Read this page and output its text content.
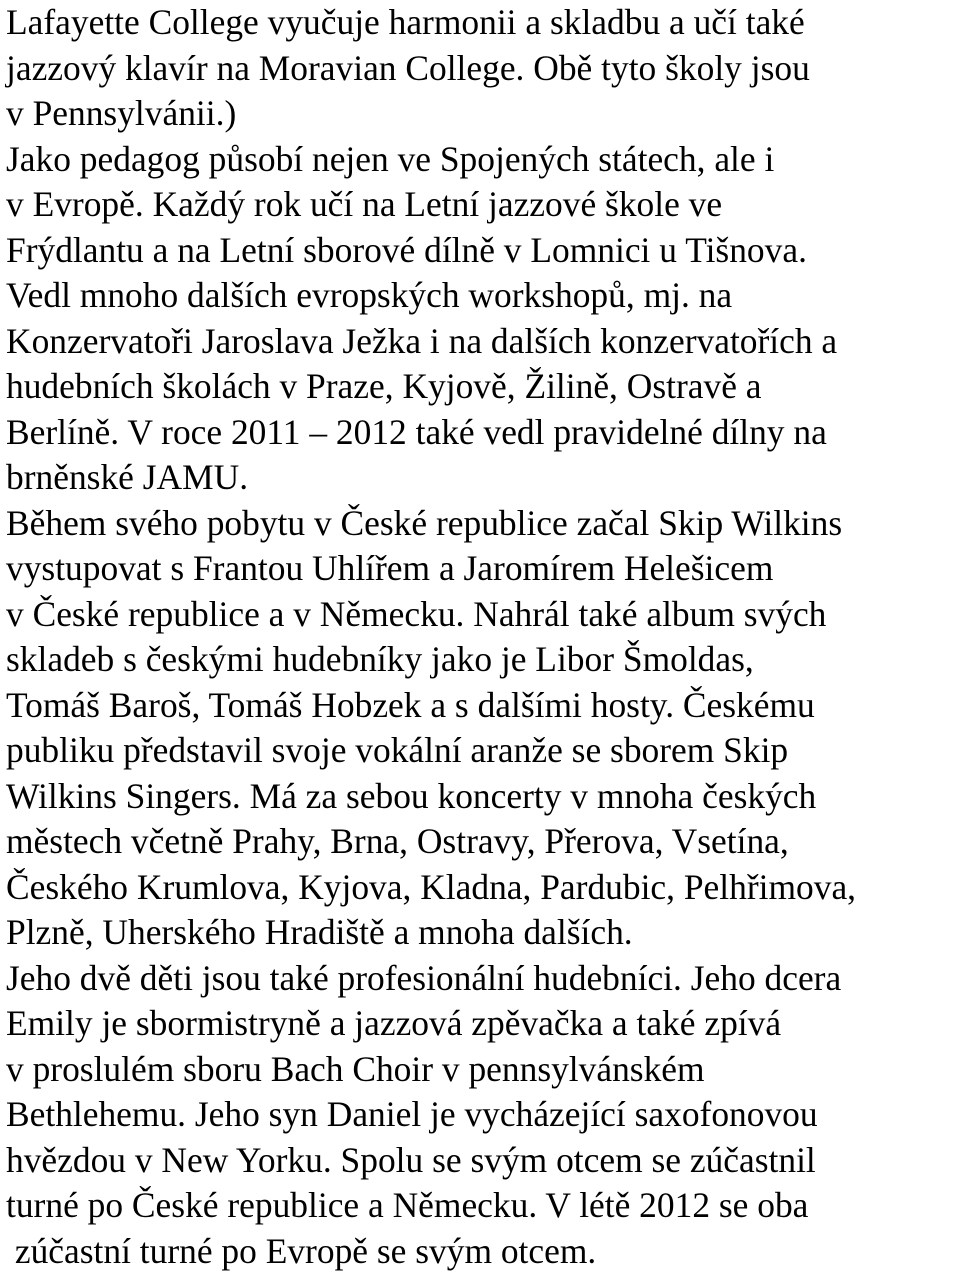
Lafayette College vyučuje harmonii a skladbu a učí také
jazzový klavír na Moravian College. Obě tyto školy jsou
v Pennsylvánii.)
Jako pedagog působí nejen ve Spojených státech, ale i
v Evropě. Každý rok učí na Letní jazzové škole ve
Frýdlantu a na Letní sborové dílně v Lomnici u Tišnova.
Vedl mnoho dalších evropských workshopů, mj. na
Konzervatoři Jaroslava Ježka i na dalších konzervatořích a
hudebních školách v Praze, Kyjově, Žilině, Ostravě a
Berlíně. V roce 2011 – 2012 také vedl pravidelné dílny na
brněnské JAMU.
Během svého pobytu v České republice začal Skip Wilkins
vystupovat s Frantou Uhlířem a Jaromírem Helešicem
v České republice a v Německu. Nahrál také album svých
skladeb s českými hudebníky jako je Libor Šmoldas,
Tomáš Baroš, Tomáš Hobzek a s dalšími hosty. Českému
publiku představil svoje vokální aranže se sborem Skip
Wilkins Singers. Má za sebou koncerty v mnoha českých
městech včetně Prahy, Brna, Ostravy, Přerova, Vsetína,
Českého Krumlova, Kyjova, Kladna, Pardubic, Pelhřimova,
Plzně, Uherského Hradiště a mnoha dalších.
Jeho dvě děti jsou také profesionální hudebníci. Jeho dcera
Emily je sbormistryně a jazzová zpěvačka a také zpívá
v proslulém sboru Bach Choir v pennsylvánském
Bethlehemu. Jeho syn Daniel je vycházející saxofonovou
hvězdou v New Yorku. Spolu se svým otcem se zúčastnil
turné po České republice a Německu. V létě 2012 se oba
zúčastní turné po Evropě se svým otcem.
